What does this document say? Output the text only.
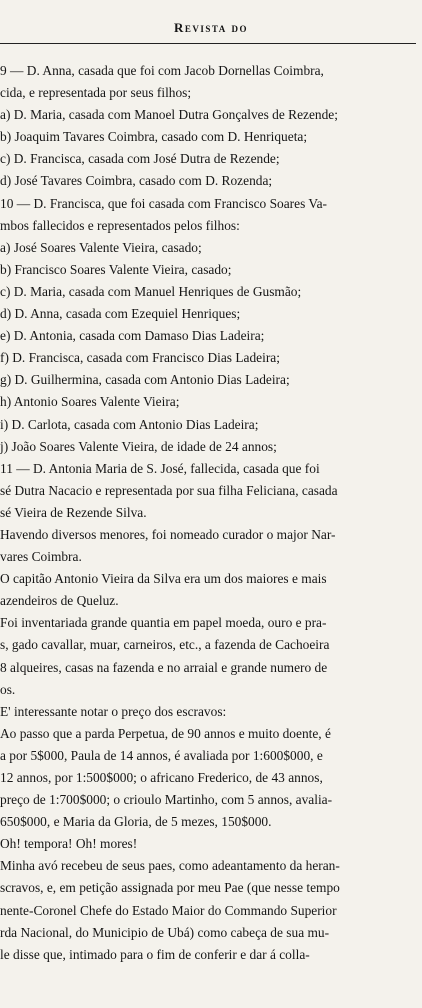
Revista do
9 — D. Anna, casada que foi com Jacob Dornellas Coimbra,
cida, e representada por seus filhos;
a) D. Maria, casada com Manoel Dutra Gonçalves de Rezende;
b) Joaquim Tavares Coimbra, casado com D. Henriqueta;
c) D. Francisca, casada com José Dutra de Rezende;
d) José Tavares Coimbra, casado com D. Rozenda;
10 — D. Francisca, que foi casada com Francisco Soares Va-
mbos fallecidos e representados pelos filhos:
a) José Soares Valente Vieira, casado;
b) Francisco Soares Valente Vieira, casado;
c) D. Maria, casada com Manuel Henriques de Gusmão;
d) D. Anna, casada com Ezequiel Henriques;
e) D. Antonia, casada com Damaso Dias Ladeira;
f) D. Francisca, casada com Francisco Dias Ladeira;
g) D. Guilhermina, casada com Antonio Dias Ladeira;
h) Antonio Soares Valente Vieira;
i) D. Carlota, casada com Antonio Dias Ladeira;
j) João Soares Valente Vieira, de idade de 24 annos;
11 — D. Antonia Maria de S. José, fallecida, casada que foi
sé Dutra Nacacio e representada por sua filha Feliciana, casada
sé Vieira de Rezende Silva.
Havendo diversos menores, foi nomeado curador o major Nar-
vares Coimbra.
O capitão Antonio Vieira da Silva era um dos maiores e mais
azendeiros de Queluz.
Foi inventariada grande quantia em papel moeda, ouro e pra-
s, gado cavallar, muar, carneiros, etc., a fazenda de Cachoeira
8 alqueires, casas na fazenda e no arraial e grande numero de
os.
E' interessante notar o preço dos escravos:
Ao passo que a parda Perpetua, de 90 annos e muito doente, é
a por 5$000, Paula de 14 annos, é avaliada por 1:600$000, e
12 annos, por 1:500$000; o africano Frederico, de 43 annos,
preço de 1:700$000; o crioulo Martinho, com 5 annos, avalia-
650$000, e Maria da Gloria, de 5 mezes, 150$000.
Oh! tempora! Oh! mores!
Minha avó recebeu de seus paes, como adeantamento da heran-
scravos, e, em petição assignada por meu Pae (que nesse tempo
nente-Coronel Chefe do Estado Maior do Commando Superior
rda Nacional, do Municipio de Ubá) como cabeça de sua mu-
le disse que, intimado para o fim de conferir e dar á colla-
